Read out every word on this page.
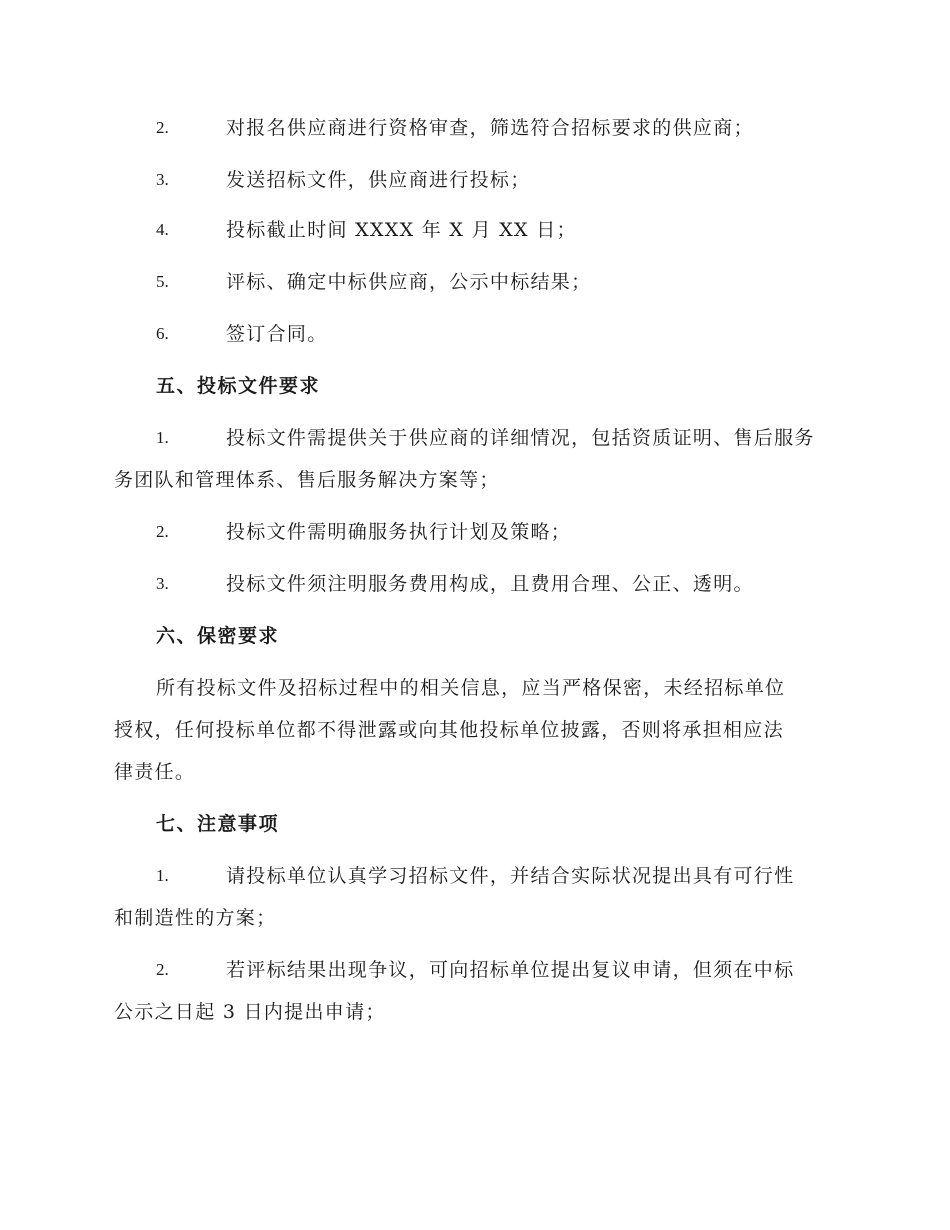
2.	对报名供应商进行资格审查，筛选符合招标要求的供应商；
3.	发送招标文件，供应商进行投标；
4.	投标截止时间 XXXX 年 X 月 XX 日；
5.	评标、确定中标供应商，公示中标结果；
6.	签订合同。
五、投标文件要求
1.	投标文件需提供关于供应商的详细情况，包括资质证明、售后服务
务团队和管理体系、售后服务解决方案等；
2.	投标文件需明确服务执行计划及策略；
3.	投标文件须注明服务费用构成，且费用合理、公正、透明。
六、保密要求
所有投标文件及招标过程中的相关信息，应当严格保密，未经招标单位
授权，任何投标单位都不得泄露或向其他投标单位披露，否则将承担相应法
律责任。
七、注意事项
1.	请投标单位认真学习招标文件，并结合实际状况提出具有可行性
和制造性的方案；
2.	若评标结果出现争议，可向招标单位提出复议申请，但须在中标
公示之日起 3 日内提出申请；
